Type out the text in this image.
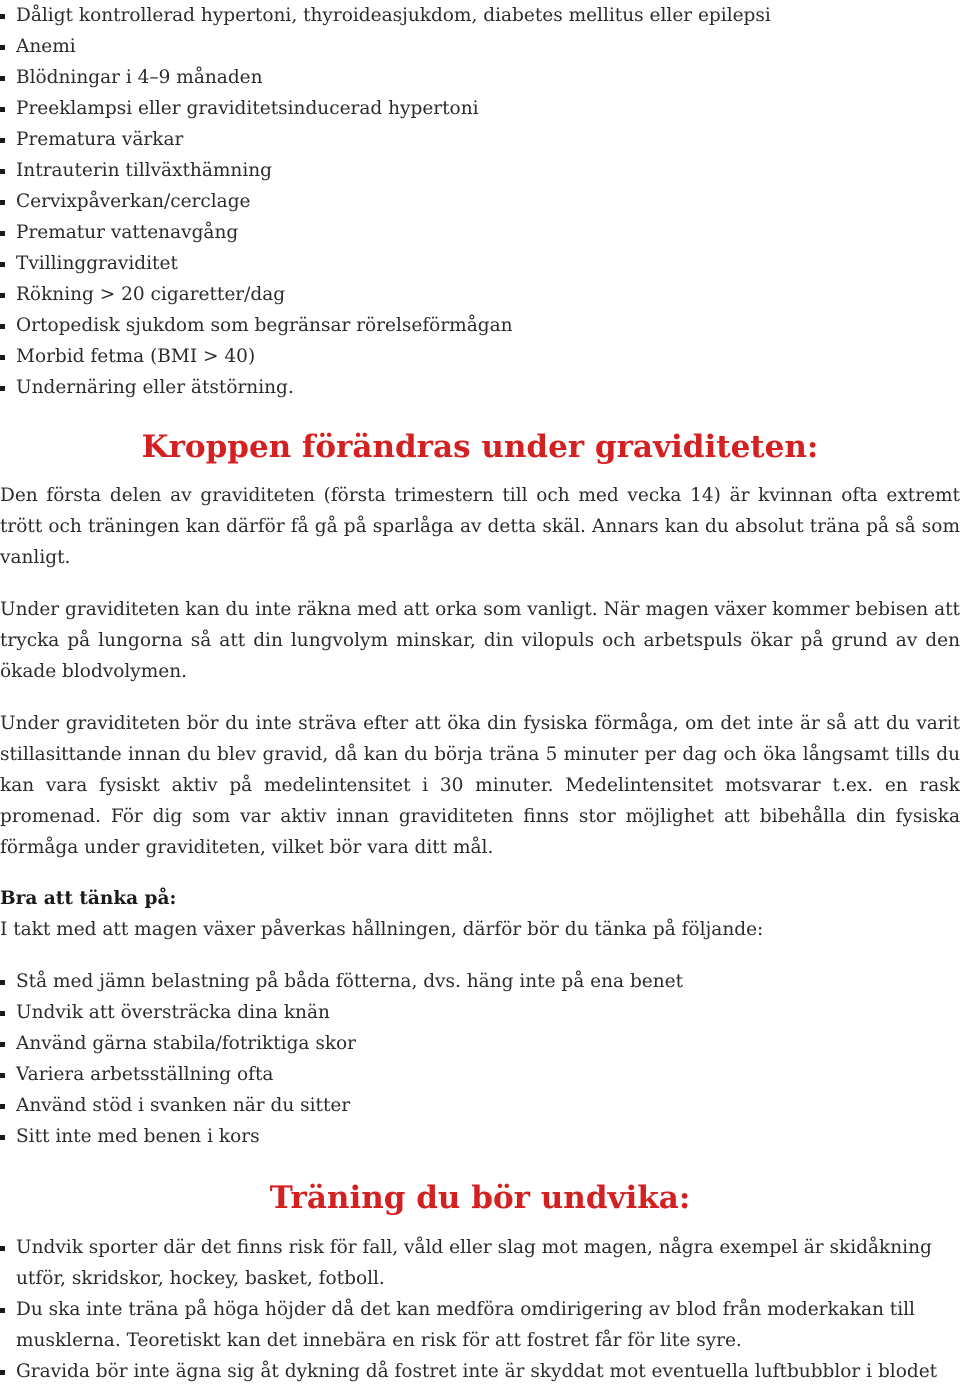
Dåligt kontrollerad hypertoni, thyroideasjukdom, diabetes mellitus eller epilepsi
Anemi
Blödningar i 4–9 månaden
Preeklampsi eller graviditetsinducerad hypertoni
Prematura värkar
Intrauterin tillväxthämning
Cervixpåverkan/cerclage
Prematur vattenavgång
Tvillinggraviditet
Rökning > 20 cigaretter/dag
Ortopedisk sjukdom som begränsar rörelseförmågan
Morbid fetma (BMI > 40)
Undernäring eller ätstörning.
Kroppen förändras under graviditeten:

Den första delen av graviditeten (första trimestern till och med vecka 14) är kvinnan ofta extremt trött och träningen kan därför få gå på sparlåga av detta skäl. Annars kan du absolut träna på så som vanligt.

Under graviditeten kan du inte räkna med att orka som vanligt. När magen växer kommer bebisen att trycka på lungorna så att din lungvolym minskar, din vilopuls och arbetspuls ökar på grund av den ökade blodvolymen.

Under graviditeten bör du inte sträva efter att öka din fysiska förmåga, om det inte är så att du varit stillasittande innan du blev gravid, då kan du börja träna 5 minuter per dag och öka långsamt tills du kan vara fysiskt aktiv på medelintensitet i 30 minuter. Medelintensitet motsvarar t.ex. en rask promenad. För dig som var aktiv innan graviditeten finns stor möjlighet att bibehålla din fysiska förmåga under graviditeten, vilket bör vara ditt mål.

Bra att tänka på:

I takt med att magen växer påverkas hållningen, därför bör du tänka på följande:

Stå med jämn belastning på båda fötterna, dvs. häng inte på ena benet
Undvik att översträcka dina knän
Använd gärna stabila/fotriktiga skor
Variera arbetsställning ofta
Använd stöd i svanken när du sitter
Sitt inte med benen i kors
Träning du bör undvika:
Undvik sporter där det finns risk för fall, våld eller slag mot magen, några exempel är skidåkning utför, skridskor, hockey, basket, fotboll.
Du ska inte träna på höga höjder då det kan medföra omdirigering av blod från moderkakan till musklerna. Teoretiskt kan det innebära en risk för att fostret får för lite syre.
Gravida bör inte ägna sig åt dykning då fostret inte är skyddat mot eventuella luftbubblor i blodet
